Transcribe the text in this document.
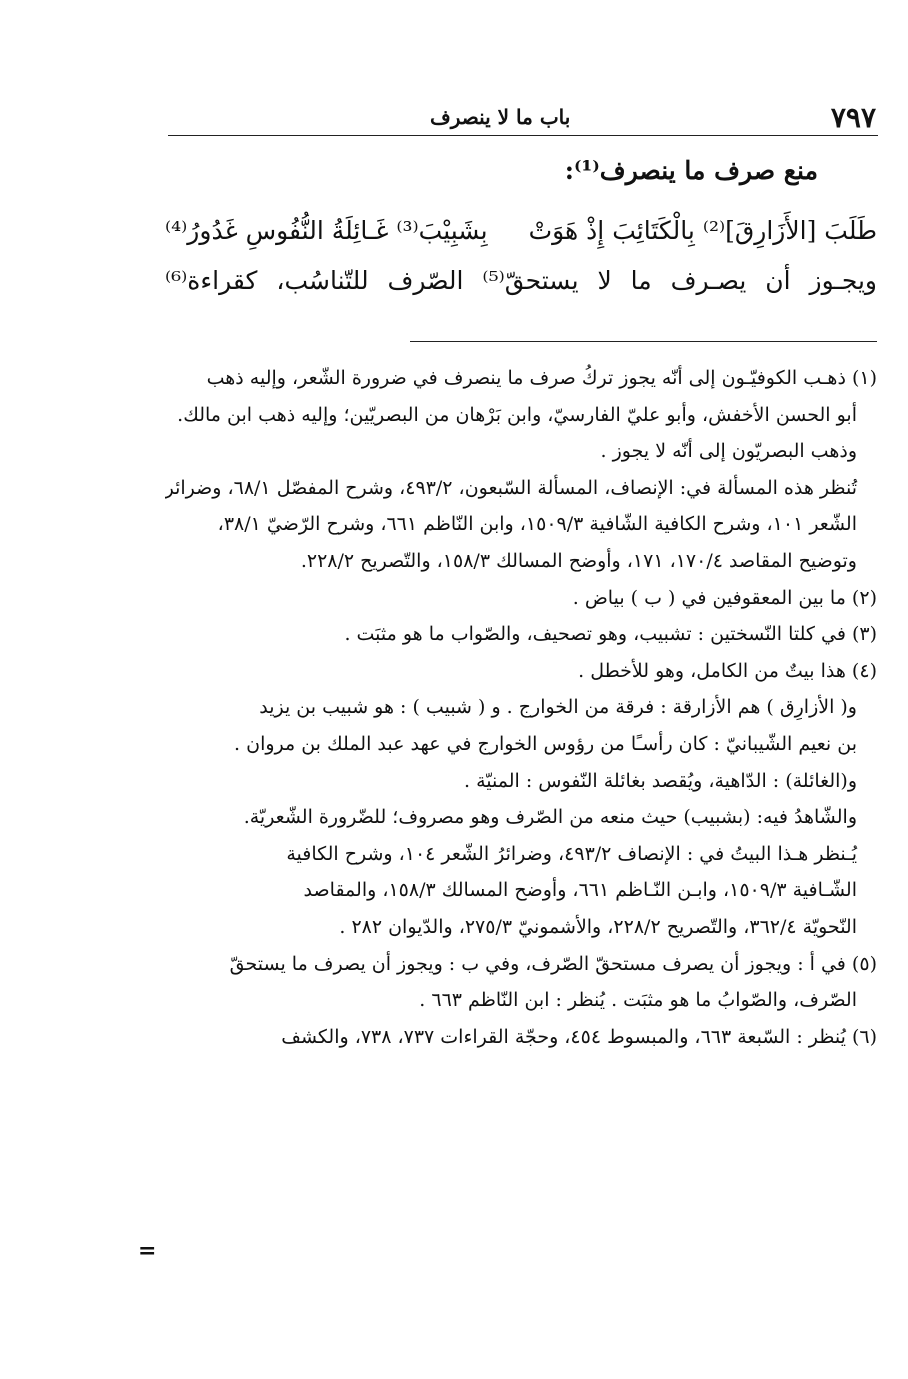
٧٩٧
باب ما لا ينصرف
منع صرف ما ينصرف⁽¹⁾:
طَلَبَ [الأَزَارِقَ]⁽²⁾ بِالْكَتَائِبَ إِذْ هَوَتْ
بِشَبِيْبَ⁽³⁾ غَـائِلَةُ النُّفُوسِ غَدُورُ⁽⁴⁾
ويجـوز أن يصـرف ما لا يستحقّ⁽⁵⁾ الصّرف للتّناسُب، كقراءة⁽⁶⁾
(١) ذهـب الكوفيّـون إلى أنّه يجوز تركُ صرف ما ينصرف في ضرورة الشّعر، وإليه ذهب
أبو الحسن الأخفش، وأبو عليّ الفارسيّ، وابن بَرْهان من البصريّين؛ وإليه ذهب ابن مالك.
وذهب البصريّون إلى أنّه لا يجوز .
تُنظر هذه المسألة في: الإنصاف، المسألة السّبعون، ٤٩٣/٢، وشرح المفصّل ٦٨/١، وضرائر
الشّعر ١٠١، وشرح الكافية الشّافية ١٥٠٩/٣، وابن النّاظم ٦٦١، وشرح الرّضيّ ٣٨/١،
وتوضيح المقاصد ١٧٠/٤، ١٧١، وأوضح المسالك ١٥٨/٣، والتّصريح ٢٢٨/٢.
(٢) ما بين المعقوفين في ( ب ) بياض .
(٣) في كلتا النّسختين : تشبيب، وهو تصحيف، والصّواب ما هو مثبَت .
(٤) هذا بيتٌ من الكامل، وهو للأخطل .
و( الأزارِق ) هم الأزارقة : فرقة من الخوارج . و ( شبيب ) : هو شبيب بن يزيد
بن نعيم الشّيبانيّ : كان رأسـًا من رؤوس الخوارج في عهد عبد الملك بن مروان .
و(الغائلة) : الدّاهية، ويُقصد بغائلة النّفوس : المنيّة .
والشّاهدُ فيه: (بشبيب) حيث منعه من الصّرف وهو مصروف؛ للضّرورة الشّعريّة.
يُـنظر هـذا البيتُ في : الإنصاف ٤٩٣/٢، وضرائرُ الشّعر ١٠٤، وشرح الكافية
الشّـافية ١٥٠٩/٣، وابـن النّـاظم ٦٦١، وأوضح المسالك ١٥٨/٣، والمقاصد
النّحويّة ٣٦٢/٤، والتّصريح ٢٢٨/٢، والأشمونيّ ٢٧٥/٣، والدّيوان ٢٨٢ .
(٥) في أ : ويجوز أن يصرف مستحقّ الصّرف، وفي ب : ويجوز أن يصرف ما يستحقّ
الصّرف، والصّوابُ ما هو مثبَت . يُنظر : ابن النّاظم ٦٦٣ .
(٦) يُنظر : السّبعة ٦٦٣، والمبسوط ٤٥٤، وحجّة القراءات ٧٣٧، ٧٣٨، والكشف
=
